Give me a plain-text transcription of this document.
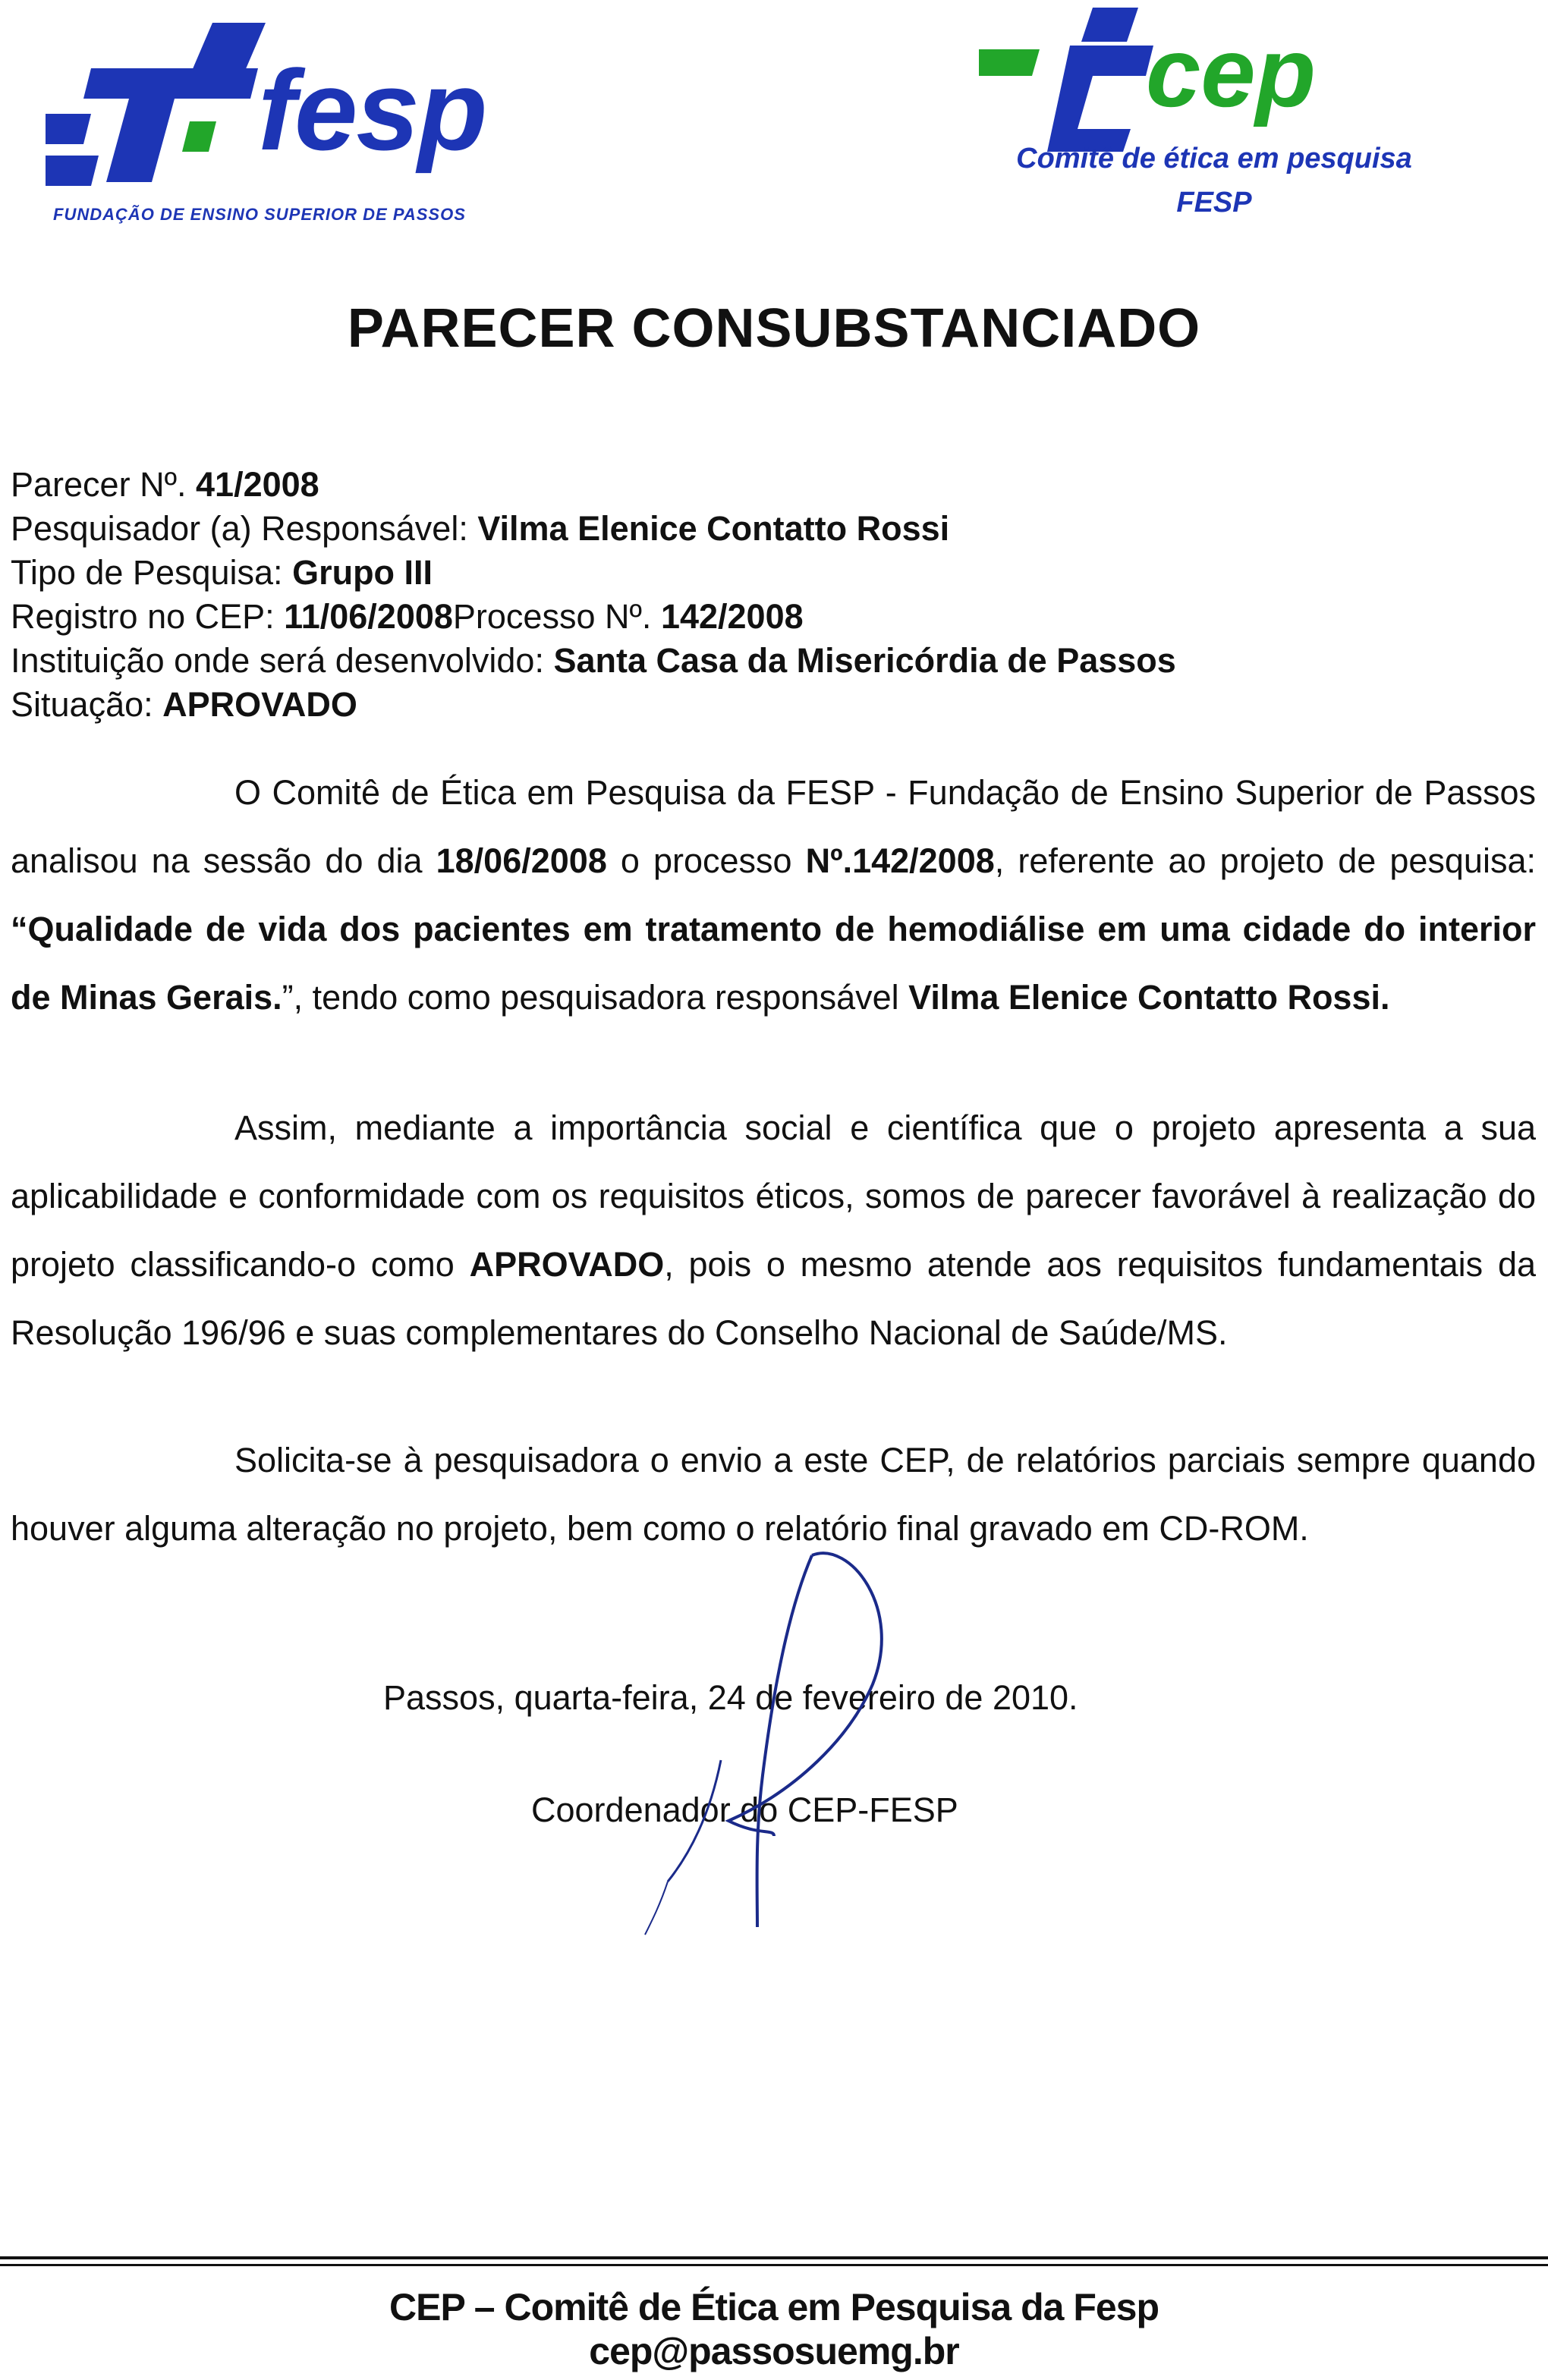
fesp
FUNDAÇÃO DE ENSINO SUPERIOR DE PASSOS
cep
Comitê de ética em pesquisa
FESP
PARECER CONSUBSTANCIADO
Parecer Nº. 41/2008
Pesquisador (a) Responsável: Vilma Elenice Contatto Rossi
Tipo de Pesquisa: Grupo III
Registro no CEP: 11/06/2008Processo Nº. 142/2008
Instituição onde será desenvolvido: Santa Casa da Misericórdia de Passos
Situação: APROVADO
O Comitê de Ética em Pesquisa da FESP - Fundação de Ensino Superior de Passos analisou na sessão do dia 18/06/2008 o processo Nº.142/2008, referente ao projeto de pesquisa: “Qualidade de vida dos pacientes em tratamento de hemodiálise em uma cidade do interior de Minas Gerais.”, tendo como pesquisadora responsável Vilma Elenice Contatto Rossi.
Assim, mediante a importância social e científica que o projeto apresenta a sua aplicabilidade e conformidade com os requisitos éticos, somos de parecer favorável à realização do projeto classificando-o como APROVADO, pois o mesmo atende aos requisitos fundamentais da Resolução 196/96 e suas complementares do Conselho Nacional de Saúde/MS.
Solicita-se à pesquisadora o envio a este CEP, de relatórios parciais sempre quando houver alguma alteração no projeto, bem como o relatório final gravado em CD-ROM.
Passos, quarta-feira, 24 de fevereiro de 2010.
Coordenador do CEP-FESP
CEP – Comitê de Ética em Pesquisa da Fesp
cep@passosuemg.br
